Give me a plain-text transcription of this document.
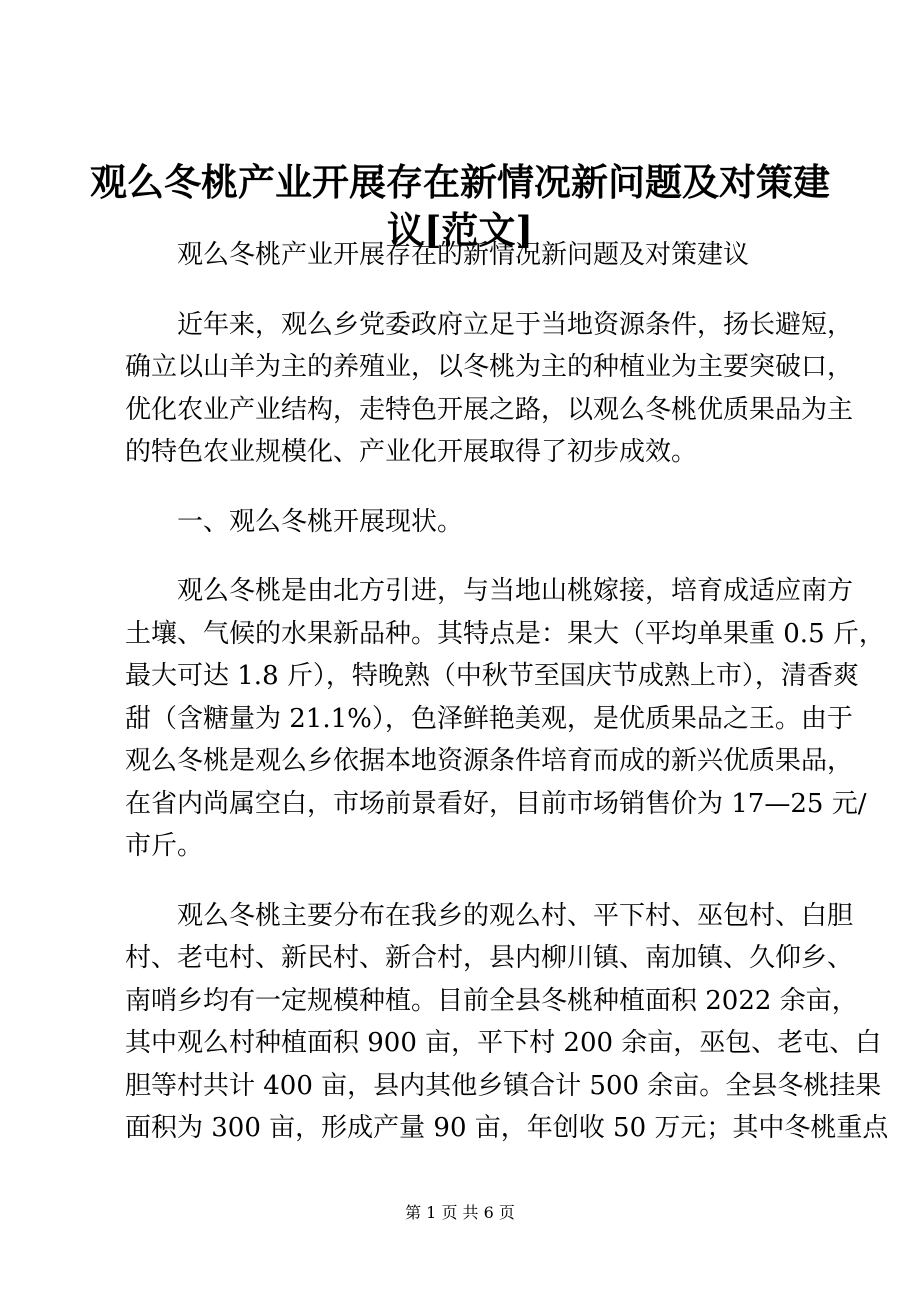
观么冬桃产业开展存在新情况新问题及对策建
议[范文]
观么冬桃产业开展存在的新情况新问题及对策建议
近年来，观么乡党委政府立足于当地资源条件，扬长避短，
确立以山羊为主的养殖业，以冬桃为主的种植业为主要突破口，
优化农业产业结构，走特色开展之路，以观么冬桃优质果品为主
的特色农业规模化、产业化开展取得了初步成效。
一、观么冬桃开展现状。
观么冬桃是由北方引进，与当地山桃嫁接，培育成适应南方
土壤、气候的水果新品种。其特点是：果大（平均单果重 0.5 斤，
最大可达 1.8 斤），特晚熟（中秋节至国庆节成熟上市），清香爽
甜（含糖量为 21.1%），色泽鲜艳美观，是优质果品之王。由于
观么冬桃是观么乡依据本地资源条件培育而成的新兴优质果品，
在省内尚属空白，市场前景看好，目前市场销售价为 17—25 元/
市斤。
观么冬桃主要分布在我乡的观么村、平下村、巫包村、白胆
村、老屯村、新民村、新合村，县内柳川镇、南加镇、久仰乡、
南哨乡均有一定规模种植。目前全县冬桃种植面积 2022 余亩，
其中观么村种植面积 900 亩，平下村 200 余亩，巫包、老屯、白
胆等村共计 400 亩，县内其他乡镇合计 500 余亩。全县冬桃挂果
面积为 300 亩，形成产量 90 亩，年创收 50 万元；其中冬桃重点
第 1 页 共 6 页
